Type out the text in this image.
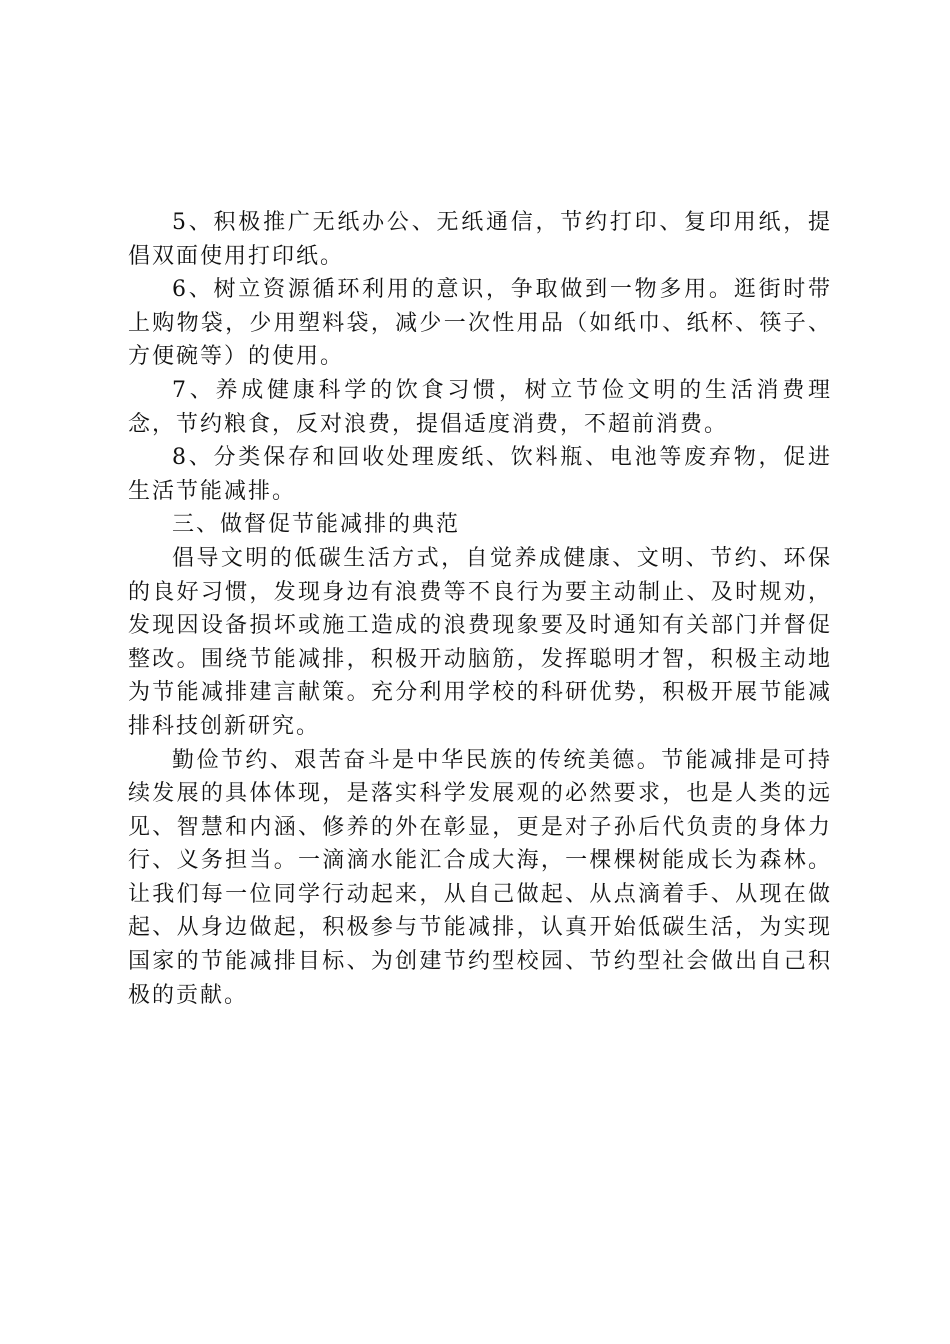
5、积极推广无纸办公、无纸通信，节约打印、复印用纸，提倡双面使用打印纸。

6、树立资源循环利用的意识，争取做到一物多用。逛街时带上购物袋，少用塑料袋，减少一次性用品（如纸巾、纸杯、筷子、方便碗等）的使用。

7、养成健康科学的饮食习惯，树立节俭文明的生活消费理念，节约粮食，反对浪费，提倡适度消费，不超前消费。

8、分类保存和回收处理废纸、饮料瓶、电池等废弃物，促进生活节能减排。

三、做督促节能减排的典范

倡导文明的低碳生活方式，自觉养成健康、文明、节约、环保的良好习惯，发现身边有浪费等不良行为要主动制止、及时规劝，发现因设备损坏或施工造成的浪费现象要及时通知有关部门并督促整改。围绕节能减排，积极开动脑筋，发挥聪明才智，积极主动地为节能减排建言献策。充分利用学校的科研优势，积极开展节能减排科技创新研究。

勤俭节约、艰苦奋斗是中华民族的传统美德。节能减排是可持续发展的具体体现，是落实科学发展观的必然要求，也是人类的远见、智慧和内涵、修养的外在彰显，更是对子孙后代负责的身体力行、义务担当。一滴滴水能汇合成大海，一棵棵树能成长为森林。让我们每一位同学行动起来，从自己做起、从点滴着手、从现在做起、从身边做起，积极参与节能减排，认真开始低碳生活，为实现国家的节能减排目标、为创建节约型校园、节约型社会做出自己积极的贡献。
